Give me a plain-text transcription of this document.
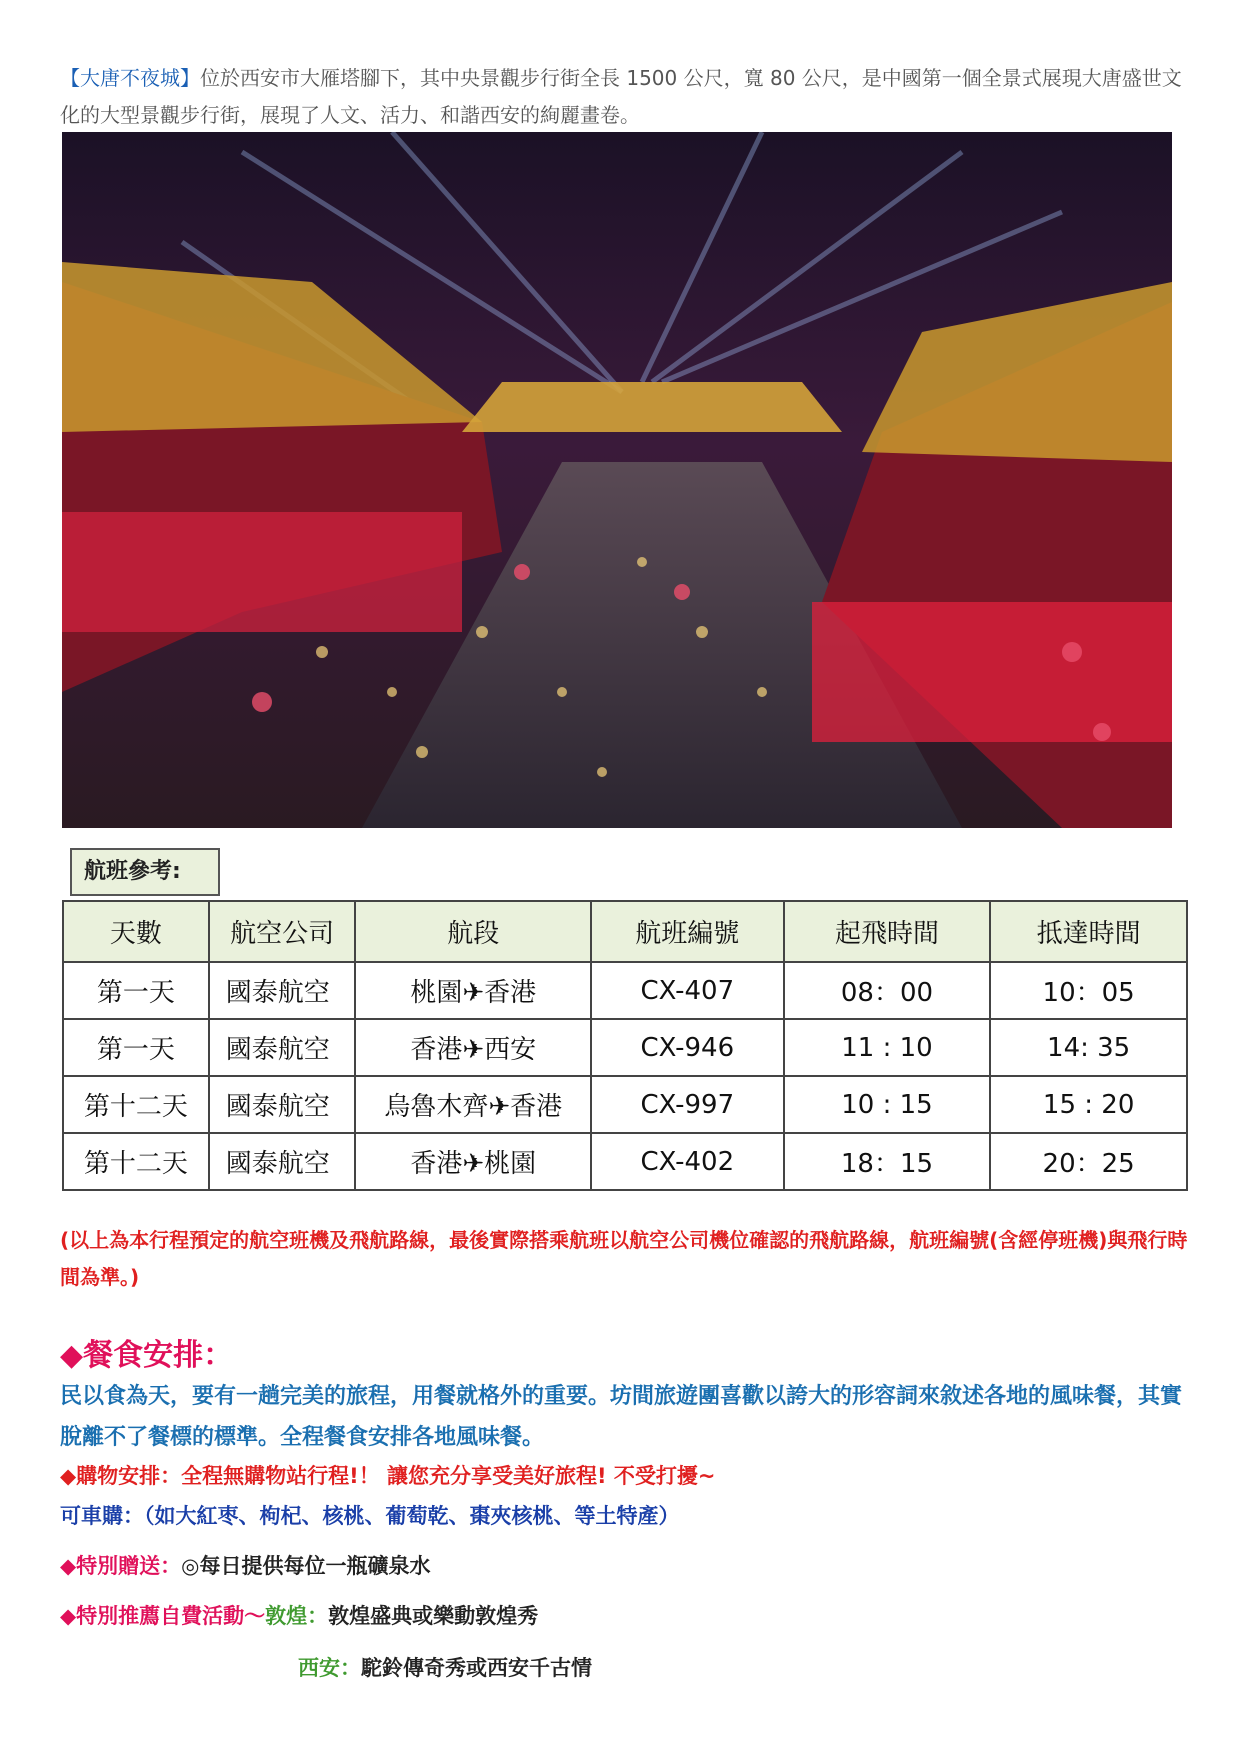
【大唐不夜城】位於西安市大雁塔腳下，其中央景觀步行街全長 1500 公尺，寬 80 公尺，是中國第一個全景式展現大唐盛世文化的大型景觀步行街，展現了人文、活力、和諧西安的絢麗畫卷。
航班參考:
天數	航空公司	航段	航班編號	起飛時間	抵達時間
第一天	國泰航空	桃園✈香港	CX-407	08：00	10：05
第一天	國泰航空	香港✈西安	CX-946	11 : 10	14: 35
第十二天	國泰航空	烏魯木齊✈香港	CX-997	10 : 15	15 : 20
第十二天	國泰航空	香港✈桃園	CX-402	18：15	20：25
(以上為本行程預定的航空班機及飛航路線，最後實際搭乘航班以航空公司機位確認的飛航路線，航班編號(含經停班機)與飛行時間為準。)
◆餐食安排：
民以食為天，要有一趟完美的旅程，用餐就格外的重要。坊間旅遊團喜歡以誇大的形容詞來敘述各地的風味餐，其實脫離不了餐標的標準。全程餐食安排各地風味餐。
◆購物安排：全程無購物站行程!！ 讓您充分享受美好旅程! 不受打擾~
可車購：（如大紅枣、枸杞、核桃、葡萄乾、棗夾核桃、等土特產）
◆特別贈送：◎每日提供每位一瓶礦泉水
◆特別推薦自費活動～敦煌：敦煌盛典或樂動敦煌秀
西安：駝鈴傳奇秀或西安千古情
